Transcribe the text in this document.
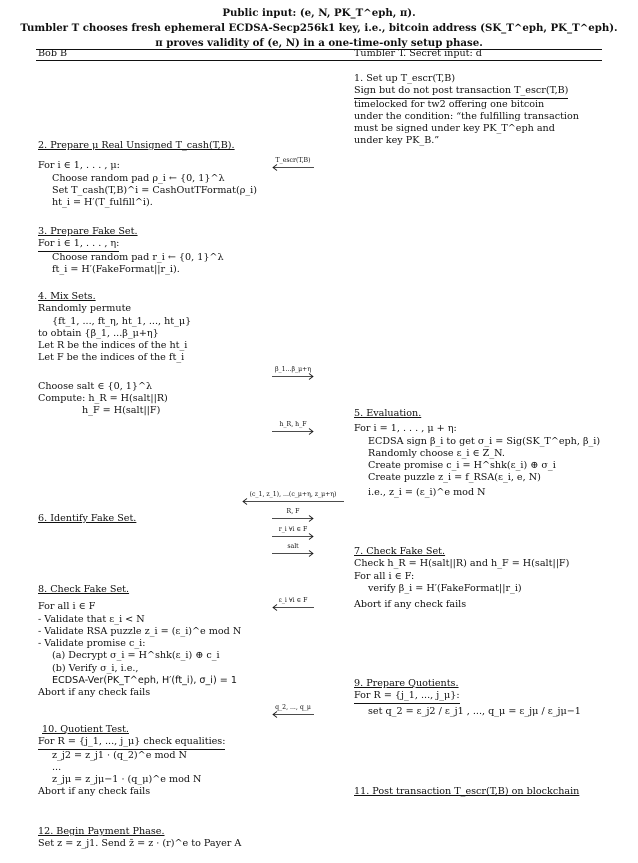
Public input: (e, N, PK_T^eph, π).
Tumbler T chooses fresh ephemeral ECDSA-Secp256k1 key, i.e., bitcoin address (SK_T^eph, PK_T^eph).
π proves validity of (e, N) in a one-time-only setup phase.
Bob B	Tumbler T. Secret input: d
1. Set up T_escr(T,B)
Sign but do not post transaction T_escr(T,B)
timelocked for tw2 offering one bitcoin
under the condition: “the fulfilling transaction
must be signed under key PK_T^eph and
under key PK_B.”
5. Evaluation.
For i = 1, . . . , μ + η:
ECDSA sign β_i to get σ_i = Sig(SK_T^eph, β_i)
Randomly choose ε_i ∈ Z_N.
Create promise c_i = H^shk(ε_i) ⊕ σ_i
Create puzzle z_i = f_RSA(ε_i, e, N)
i.e., z_i = (ε_i)^e mod N
7. Check Fake Set.
Check h_R = H(salt||R) and h_F = H(salt||F)
For all i ∈ F:
verify β_i = H′(FakeFormat||r_i)
Abort if any check fails
9. Prepare Quotients.
For R = {j_1, ..., j_μ}:
set q_2 = ε_j2 / ε_j1 , ..., q_μ = ε_jμ / ε_jμ−1
11. Post transaction T_escr(T,B) on blockchain
2. Prepare μ Real Unsigned T_cash(T,B).
For i ∈ 1, . . . , μ:
Choose random pad ρ_i ← {0, 1}^λ
Set T_cash(T,B)^i = CashOutTFormat(ρ_i)
ht_i = H′(T_fulfill^i).
3. Prepare Fake Set.
For i ∈ 1, . . . , η:
Choose random pad r_i ← {0, 1}^λ
ft_i = H′(FakeFormat||r_i).
4. Mix Sets.
Randomly permute
{ft_1, ..., ft_η, ht_1, ..., ht_μ}
to obtain {β_1, ...β_μ+η}
Let R be the indices of the ht_i
Let F be the indices of the ft_i
Choose salt ∈ {0, 1}^λ
Compute: h_R = H(salt||R)
h_F = H(salt||F)
6. Identify Fake Set.
8. Check Fake Set.
For all i ∈ F
- Validate that ε_i < N
- Validate RSA puzzle z_i = (ε_i)^e mod N
- Validate promise c_i:
(a) Decrypt σ_i = H^shk(ε_i) ⊕ c_i
(b) Verify σ_i, i.e.,
ECDSA-Ver(PK_T^eph, H′(ft_i), σ_i) = 1
Abort if any check fails
10. Quotient Test.
For R = {j_1, ..., j_μ} check equalities:
z_j2 = z_j1 · (q_2)^e mod N
...
z_jμ = z_jμ−1 · (q_μ)^e mod N
Abort if any check fails
12. Begin Payment Phase.
Set z = z_j1. Send z̄ = z · (r)^e to Payer A
T_escr(T,B)
β_1...β_μ+η
h_R, h_F
(c_1, z_1), ...(c_μ+η, z_μ+η)
R, F
r_i ∀i ∈ F
salt
ε_i ∀i ∈ F
q_2, ..., q_μ
